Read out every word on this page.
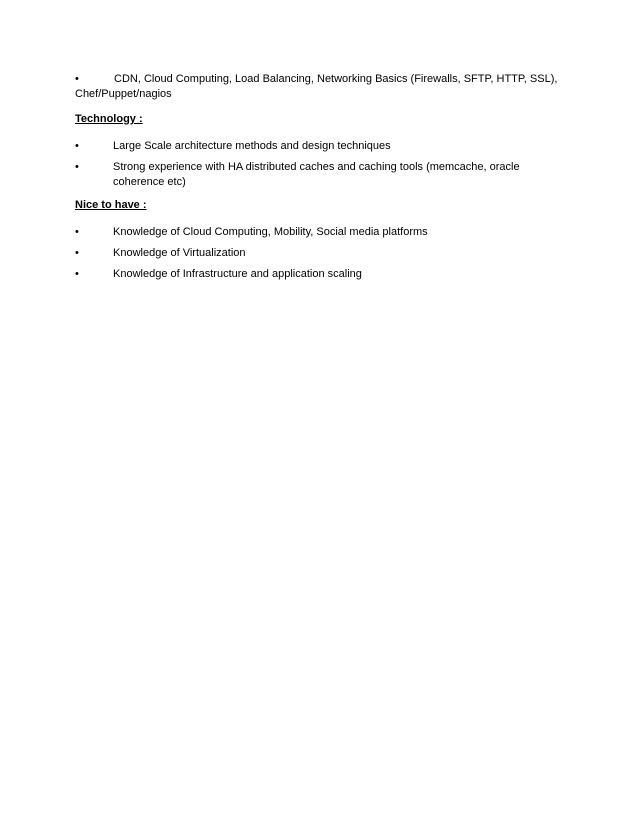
•	CDN, Cloud Computing, Load Balancing, Networking Basics (Firewalls, SFTP, HTTP, SSL), Chef/Puppet/nagios

Technology :
•	Large Scale architecture methods and design techniques
•	Strong experience with HA distributed caches and caching tools (memcache, oracle coherence etc)
Nice to have :
•	Knowledge of Cloud Computing, Mobility, Social media platforms
•	Knowledge of Virtualization
•	Knowledge of Infrastructure and application scaling
